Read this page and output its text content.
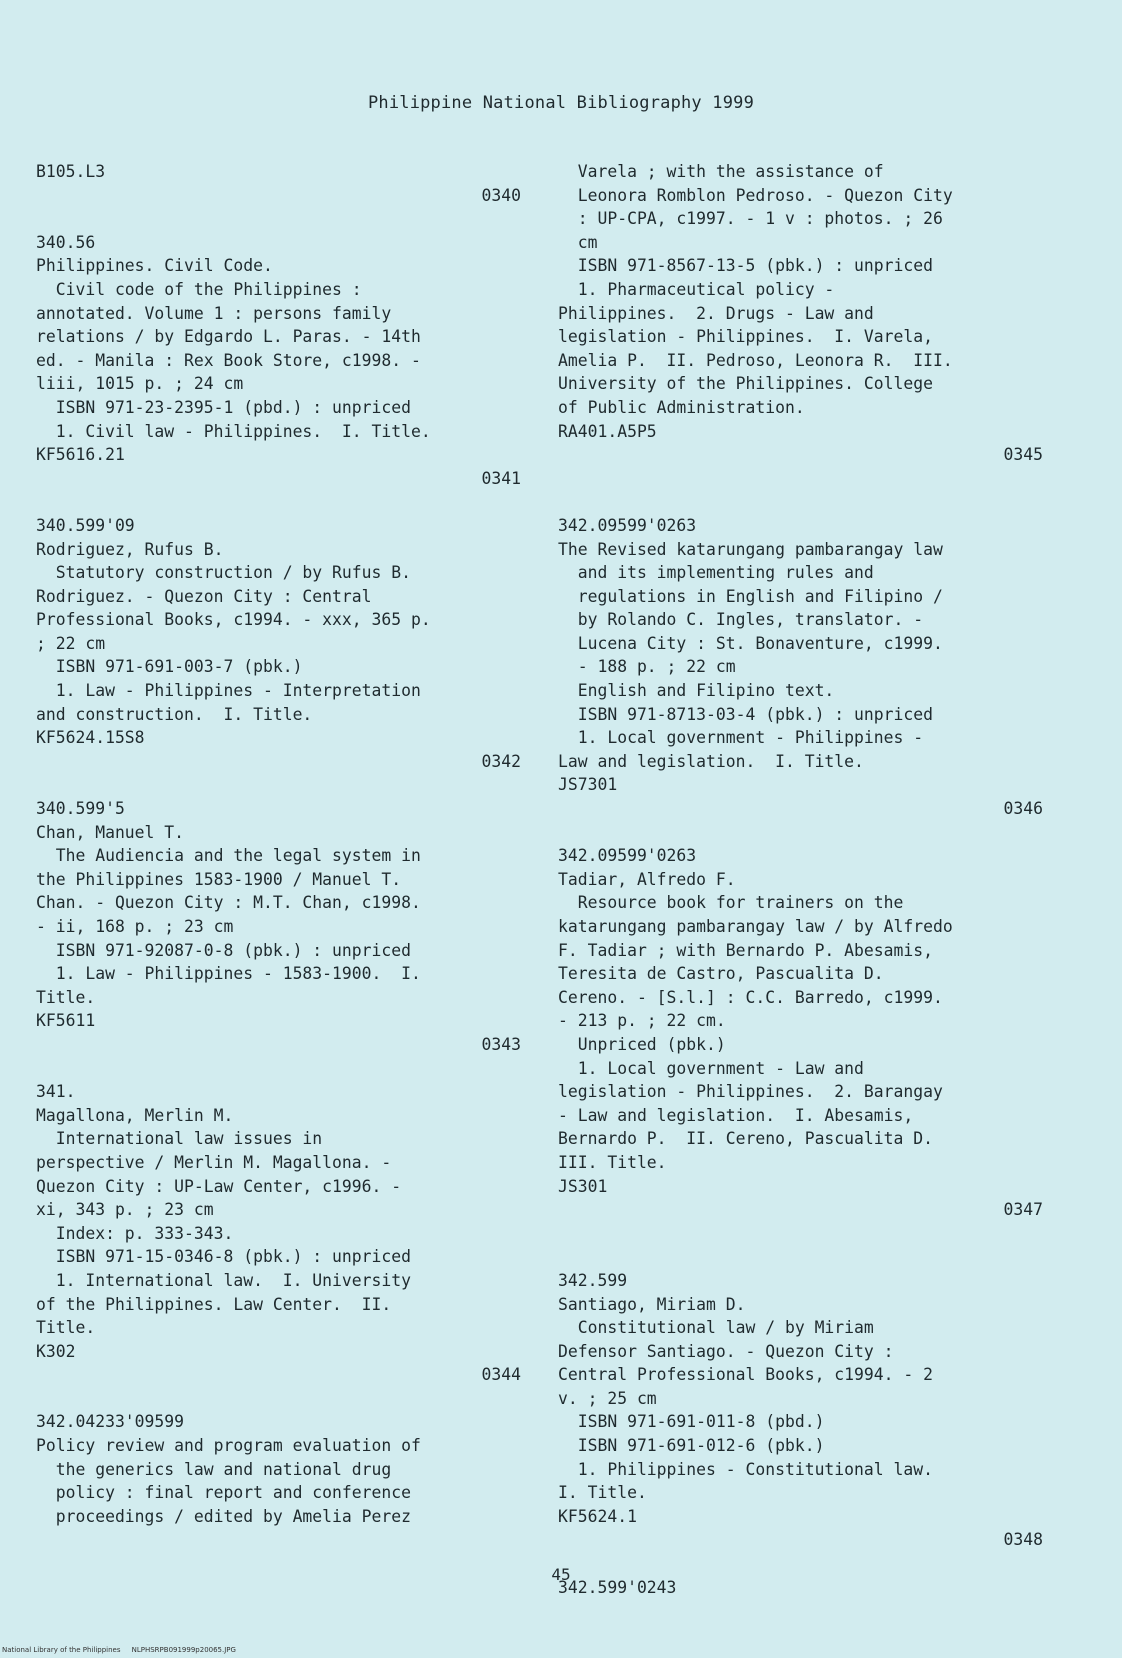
Philippine National Bibliography 1999
B105.L3
0340
340.56
Philippines. Civil Code.
Civil code of the Philippines :
annotated. Volume 1 : persons family
relations / by Edgardo L. Paras. - 14th
ed. - Manila : Rex Book Store, c1998. -
liii, 1015 p. ; 24 cm
ISBN 971-23-2395-1 (pbd.) : unpriced
1. Civil law - Philippines.  I. Title.
KF5616.21
0341
340.599'09
Rodriguez, Rufus B.
Statutory construction / by Rufus B.
Rodriguez. - Quezon City : Central
Professional Books, c1994. - xxx, 365 p.
; 22 cm
ISBN 971-691-003-7 (pbk.)
1. Law - Philippines - Interpretation
and construction.  I. Title.
KF5624.15S8
0342
340.599'5
Chan, Manuel T.
The Audiencia and the legal system in
the Philippines 1583-1900 / Manuel T.
Chan. - Quezon City : M.T. Chan, c1998.
- ii, 168 p. ; 23 cm
ISBN 971-92087-0-8 (pbk.) : unpriced
1. Law - Philippines - 1583-1900.  I.
Title.
KF5611
0343
341.
Magallona, Merlin M.
International law issues in
perspective / Merlin M. Magallona. -
Quezon City : UP-Law Center, c1996. -
xi, 343 p. ; 23 cm
Index: p. 333-343.
ISBN 971-15-0346-8 (pbk.) : unpriced
1. International law.  I. University
of the Philippines. Law Center.  II.
Title.
K302
0344
342.04233'09599
Policy review and program evaluation of
the generics law and national drug
policy : final report and conference
proceedings / edited by Amelia Perez
Varela ; with the assistance of
Leonora Romblon Pedroso. - Quezon City
: UP-CPA, c1997. - 1 v : photos. ; 26
cm
ISBN 971-8567-13-5 (pbk.) : unpriced
1. Pharmaceutical policy -
Philippines.  2. Drugs - Law and
legislation - Philippines.  I. Varela,
Amelia P.  II. Pedroso, Leonora R.  III.
University of the Philippines. College
of Public Administration.
RA401.A5P5
0345
342.09599'0263
The Revised katarungang pambarangay law
and its implementing rules and
regulations in English and Filipino /
by Rolando C. Ingles, translator. -
Lucena City : St. Bonaventure, c1999.
- 188 p. ; 22 cm
English and Filipino text.
ISBN 971-8713-03-4 (pbk.) : unpriced
1. Local government - Philippines -
Law and legislation.  I. Title.
JS7301
0346
342.09599'0263
Tadiar, Alfredo F.
Resource book for trainers on the
katarungang pambarangay law / by Alfredo
F. Tadiar ; with Bernardo P. Abesamis,
Teresita de Castro, Pascualita D.
Cereno. - [S.l.] : C.C. Barredo, c1999.
- 213 p. ; 22 cm.
Unpriced (pbk.)
1. Local government - Law and
legislation - Philippines.  2. Barangay
- Law and legislation.  I. Abesamis,
Bernardo P.  II. Cereno, Pascualita D.
III. Title.
JS301
0347
342.599
Santiago, Miriam D.
Constitutional law / by Miriam
Defensor Santiago. - Quezon City :
Central Professional Books, c1994. - 2
v. ; 25 cm
ISBN 971-691-011-8 (pbd.)
ISBN 971-691-012-6 (pbk.)
1. Philippines - Constitutional law.
I. Title.
KF5624.1
0348
342.599'0243
45
National Library of the Philippines     NLPHSRPB091999p20065.JPG
